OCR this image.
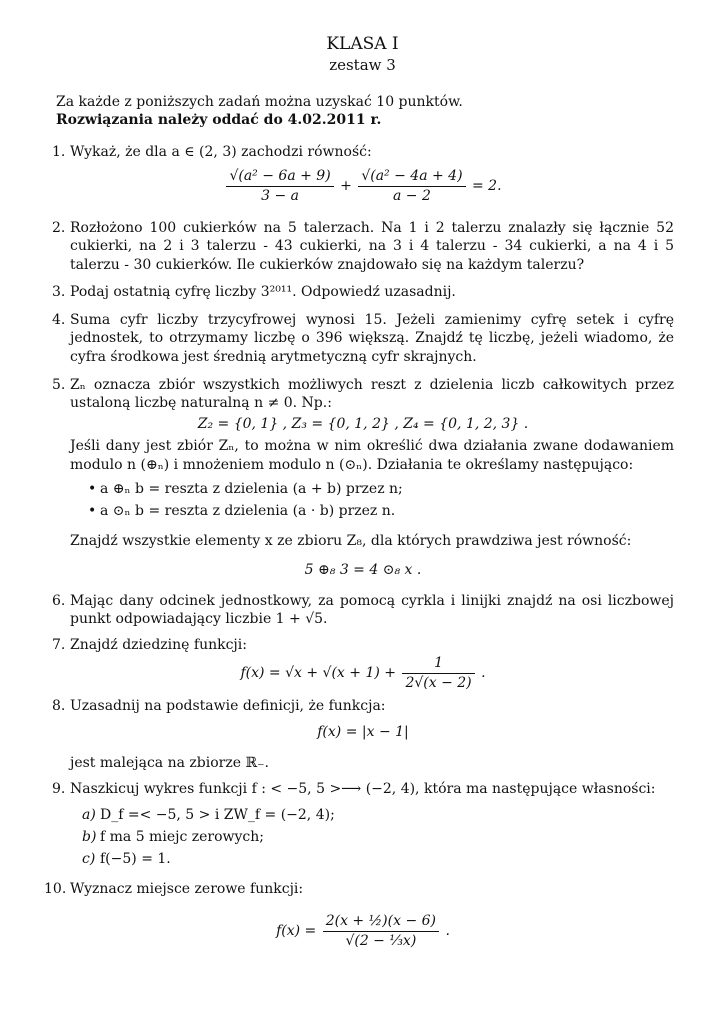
KLASA I
zestaw 3
Za każde z poniższych zadań można uzyskać 10 punktów.
Rozwiązania należy oddać do 4.02.2011 r.
1. Wykaż, że dla a ∈ (2, 3) zachodzi równość:
$\frac{\text{√(a² − 6a + 9)}}{3 - a} + \frac{\text{√(a² − 4a + 4)}}{a - 2} = 2$.
2. Rozłożono 100 cukierków na 5 talerzach. Na 1 i 2 talerzu znalazły się łącznie 52 cukierki, na 2 i 3 talerzu - 43 cukierki, na 3 i 4 talerzu - 34 cukierki, a na 4 i 5 talerzu - 30 cukierków. Ile cukierków znajdowało się na każdym talerzu?
3. Podaj ostatnią cyfrę liczby 3²⁰¹¹. Odpowiedź uzasadnij.
4. Suma cyfr liczby trzycyfrowej wynosi 15. Jeżeli zamienimy cyfrę setek i cyfrę jednostek, to otrzymamy liczbę o 396 większą. Znajdź tę liczbę, jeżeli wiadomo, że cyfra środkowa jest średnią arytmetyczną cyfr skrajnych.
5. Zₙ oznacza zbiór wszystkich możliwych reszt z dzielenia liczb całkowitych przez ustaloną liczbę naturalną n ≠ 0. Np.:
Z₂ = {0, 1} , Z₃ = {0, 1, 2} , Z₄ = {0, 1, 2, 3} .
Jeśli dany jest zbiór Zₙ, to można w nim określić dwa działania zwane dodawaniem modulo n (⊕ₙ) i mnożeniem modulo n (⊙ₙ). Działania te określamy następująco:
• a ⊕ₙ b = reszta z dzielenia (a + b) przez n;
• a ⊙ₙ b = reszta z dzielenia (a · b) przez n.
Znajdź wszystkie elementy x ze zbioru Z₈, dla których prawdziwa jest równość:
5 ⊕₈ 3 = 4 ⊙₈ x .
6. Mając dany odcinek jednostkowy, za pomocą cyrkla i linijki znajdź na osi liczbowej punkt odpowiadający liczbie 1 + √5.
7. Znajdź dziedzinę funkcji:
$f(x) = √x + √(x + 1) + \frac{1}{2√(x - 2)}$ .
8. Uzasadnij na podstawie definicji, że funkcja:
f(x) = |x − 1|
jest malejąca na zbiorze ℝ₋.
9. Naszkicuj wykres funkcji f : < −5, 5 >⟶ (−2, 4), która ma następujące własności:
a) D_f =< −5, 5 > i ZW_f = (−2, 4);
b) f ma 5 miejc zerowych;
c) f(−5) = 1.
10. Wyznacz miejsce zerowe funkcji:
$f(x) = \frac{\text{2(x + ½)(x − 6)}}{\text{√(2 − ⅓x)}}$ .
